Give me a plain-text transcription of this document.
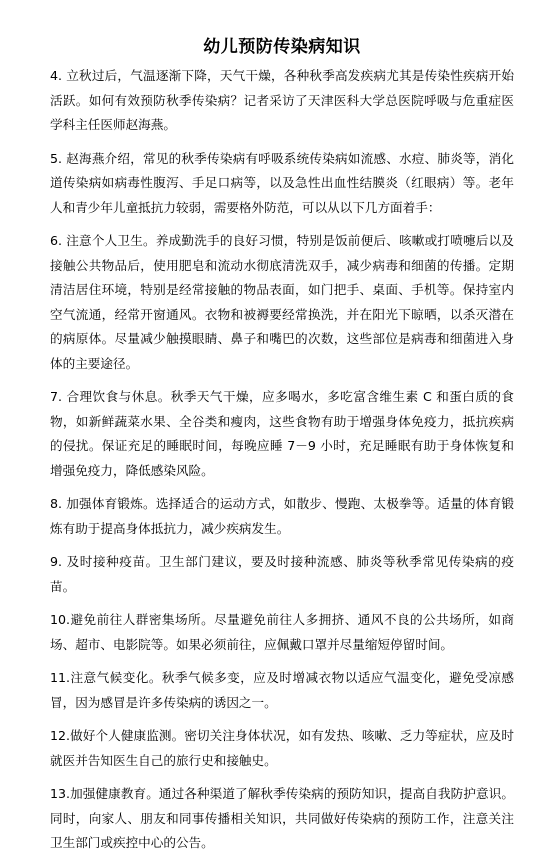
幼儿预防传染病知识
4. 立秋过后，气温逐渐下降，天气干燥，各种秋季高发疾病尤其是传染性疾病开始活跃。如何有效预防秋季传染病？记者采访了天津医科大学总医院呼吸与危重症医学科主任医师赵海燕。
5. 赵海燕介绍，常见的秋季传染病有呼吸系统传染病如流感、水痘、肺炎等，消化道传染病如病毒性腹泻、手足口病等，以及急性出血性结膜炎（红眼病）等。老年人和青少年儿童抵抗力较弱，需要格外防范，可以从以下几方面着手：
6. 注意个人卫生。养成勤洗手的良好习惯，特别是饭前便后、咳嗽或打喷嚏后以及接触公共物品后，使用肥皂和流动水彻底清洗双手，减少病毒和细菌的传播。定期清洁居住环境，特别是经常接触的物品表面，如门把手、桌面、手机等。保持室内空气流通，经常开窗通风。衣物和被褥要经常换洗，并在阳光下晾晒，以杀灭潜在的病原体。尽量减少触摸眼睛、鼻子和嘴巴的次数，这些部位是病毒和细菌进入身体的主要途径。
7. 合理饮食与休息。秋季天气干燥，应多喝水，多吃富含维生素 C 和蛋白质的食物，如新鲜蔬菜水果、全谷类和瘦肉，这些食物有助于增强身体免疫力，抵抗疾病的侵扰。保证充足的睡眠时间，每晚应睡 7－9 小时，充足睡眠有助于身体恢复和增强免疫力，降低感染风险。
8. 加强体育锻炼。选择适合的运动方式，如散步、慢跑、太极拳等。适量的体育锻炼有助于提高身体抵抗力，减少疾病发生。
9. 及时接种疫苗。卫生部门建议，要及时接种流感、肺炎等秋季常见传染病的疫苗。
10.避免前往人群密集场所。尽量避免前往人多拥挤、通风不良的公共场所，如商场、超市、电影院等。如果必须前往，应佩戴口罩并尽量缩短停留时间。
11.注意气候变化。秋季气候多变，应及时增减衣物以适应气温变化，避免受凉感冒，因为感冒是许多传染病的诱因之一。
12.做好个人健康监测。密切关注身体状况，如有发热、咳嗽、乏力等症状，应及时就医并告知医生自己的旅行史和接触史。
13.加强健康教育。通过各种渠道了解秋季传染病的预防知识，提高自我防护意识。同时，向家人、朋友和同事传播相关知识，共同做好传染病的预防工作，注意关注卫生部门或疾控中心的公告。
